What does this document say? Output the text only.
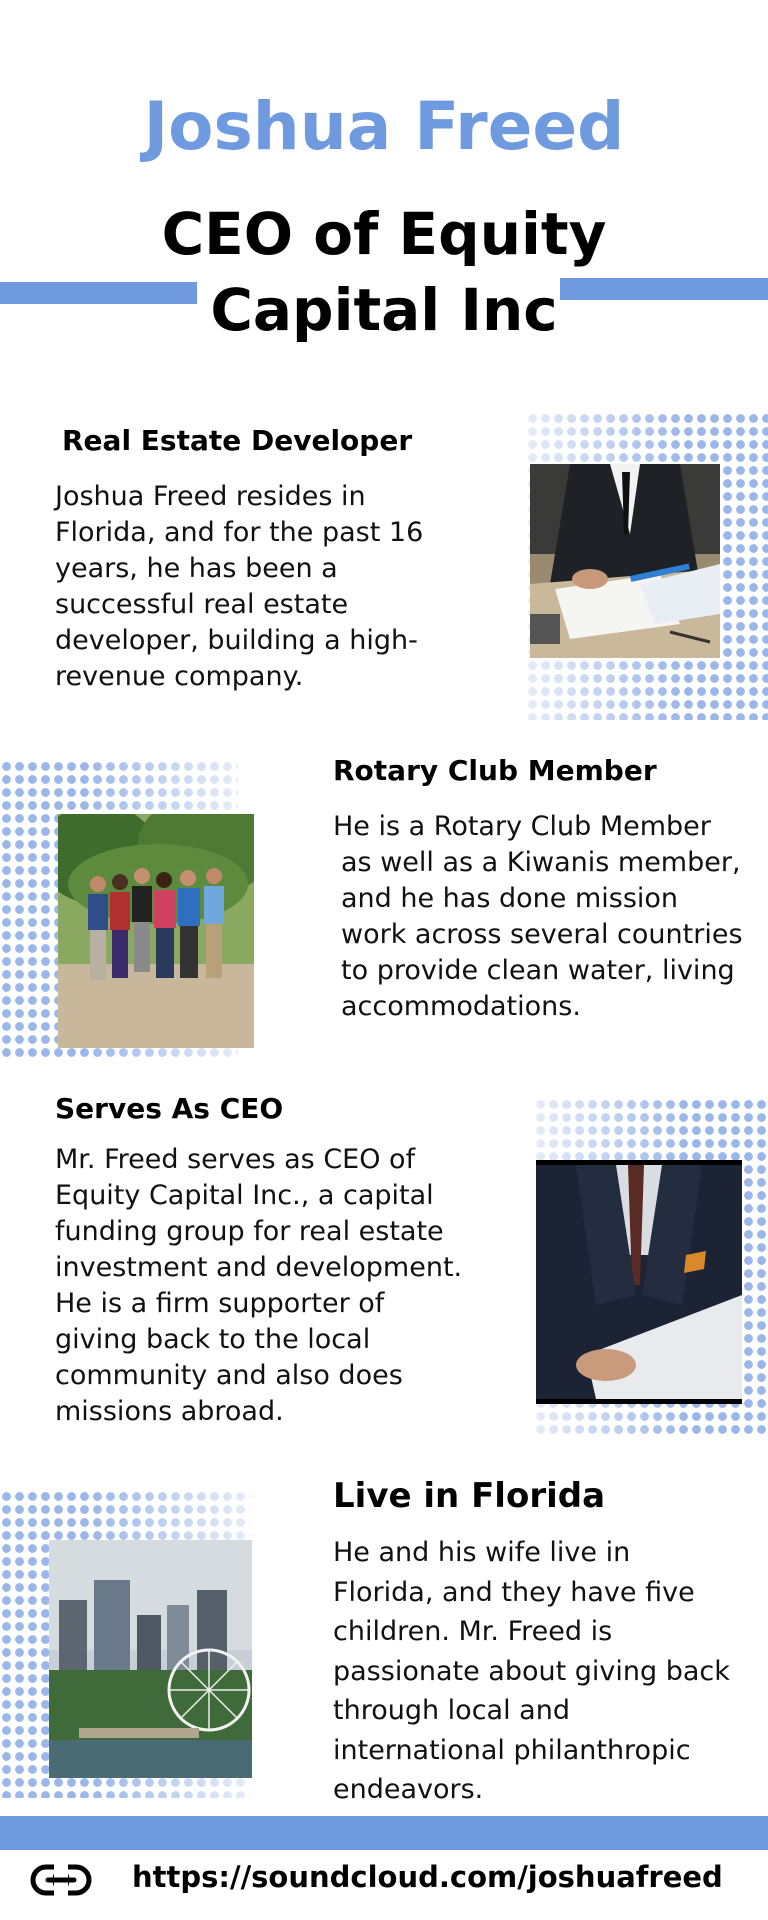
Joshua Freed
CEO of Equity Capital Inc
Real Estate Developer
Joshua Freed resides in Florida, and for the past 16 years, he has been a successful real estate developer, building a high-revenue company.
Rotary Club Member
He is a Rotary Club Member as well as a Kiwanis member, and he has done mission work across several countries to provide clean water, living accommodations.
Serves As CEO
Mr. Freed serves as CEO of Equity Capital Inc., a capital funding group for real estate investment and development. He is a firm supporter of giving back to the local community and also does missions abroad.
Live in Florida
He and his wife live in Florida, and they have five children. Mr. Freed is passionate about giving back through local and international philanthropic endeavors.
https://soundcloud.com/joshuafreed
